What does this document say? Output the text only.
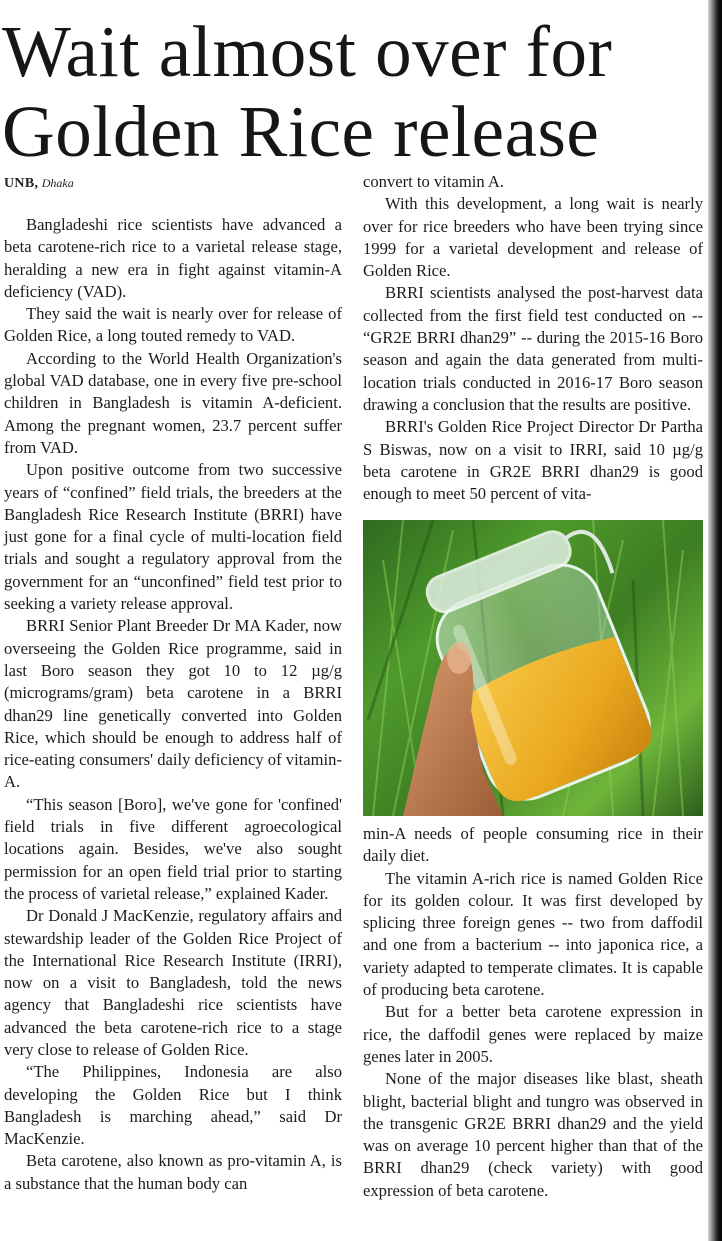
Wait almost over for
Golden Rice release
UNB, Dhaka

Bangladeshi rice scientists have advanced a beta carotene-rich rice to a varietal release stage, heralding a new era in fight against vitamin-A deficiency (VAD).

They said the wait is nearly over for release of Golden Rice, a long touted remedy to VAD.

According to the World Health Organization's global VAD database, one in every five pre-school children in Bangladesh is vitamin A-deficient. Among the pregnant women, 23.7 percent suffer from VAD.

Upon positive outcome from two successive years of “confined” field trials, the breeders at the Bangladesh Rice Research Institute (BRRI) have just gone for a final cycle of multi-location field trials and sought a regulatory approval from the government for an “unconfined” field test prior to seeking a variety release approval.

BRRI Senior Plant Breeder Dr MA Kader, now overseeing the Golden Rice programme, said in last Boro season they got 10 to 12 µg/g (micrograms/gram) beta carotene in a BRRI dhan29 line genetically converted into Golden Rice, which should be enough to address half of rice-eating consumers' daily deficiency of vitamin-A.

“This season [Boro], we've gone for 'confined' field trials in five different agroecological locations again. Besides, we've also sought permission for an open field trial prior to starting the process of varietal release,” explained Kader.

Dr Donald J MacKenzie, regulatory affairs and stewardship leader of the Golden Rice Project of the International Rice Research Institute (IRRI), now on a visit to Bangladesh, told the news agency that Bangladeshi rice scientists have advanced the beta carotene-rich rice to a stage very close to release of Golden Rice.

“The Philippines, Indonesia are also developing the Golden Rice but I think Bangladesh is marching ahead,” said Dr MacKenzie.

Beta carotene, also known as pro-vitamin A, is a substance that the human body can

convert to vitamin A.

With this development, a long wait is nearly over for rice breeders who have been trying since 1999 for a varietal development and release of Golden Rice.

BRRI scientists analysed the post-harvest data collected from the first field test conducted on -- “GR2E BRRI dhan29” -- during the 2015-16 Boro season and again the data generated from multi-location trials conducted in 2016-17 Boro season drawing a conclusion that the results are positive.

BRRI's Golden Rice Project Director Dr Partha S Biswas, now on a visit to IRRI, said 10 µg/g beta carotene in GR2E BRRI dhan29 is good enough to meet 50 percent of vita-

min-A needs of people consuming rice in their daily diet.

The vitamin A-rich rice is named Golden Rice for its golden colour. It was first developed by splicing three foreign genes -- two from daffodil and one from a bacterium -- into japonica rice, a variety adapted to temperate climates. It is capable of producing beta carotene.

But for a better beta carotene expression in rice, the daffodil genes were replaced by maize genes later in 2005.

None of the major diseases like blast, sheath blight, bacterial blight and tungro was observed in the transgenic GR2E BRRI dhan29 and the yield was on average 10 percent higher than that of the BRRI dhan29 (check variety) with good expression of beta carotene.
